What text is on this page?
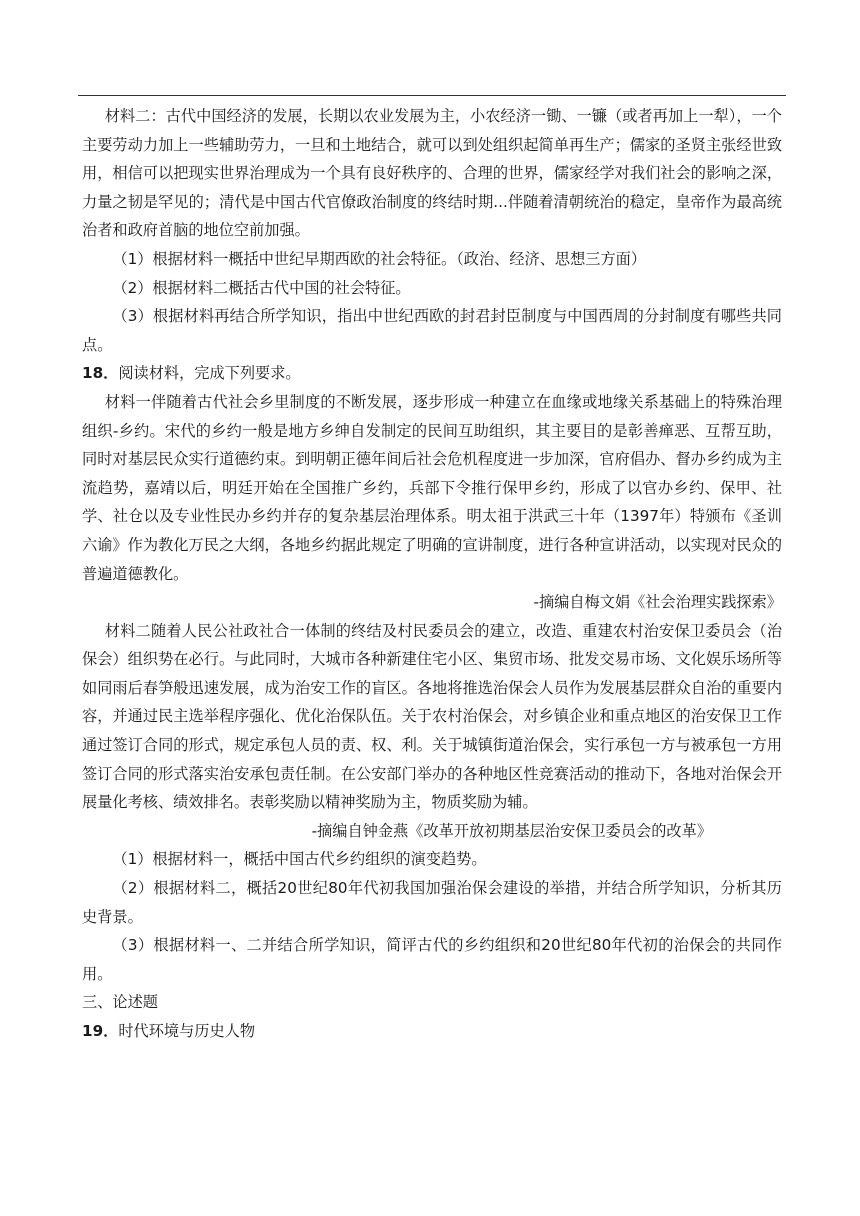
材料二：古代中国经济的发展，长期以农业发展为主，小农经济一锄、一镰（或者再加上一犁），一个主要劳动力加上一些辅助劳力，一旦和土地结合，就可以到处组织起简单再生产；儒家的圣贤主张经世致用，相信可以把现实世界治理成为一个具有良好秩序的、合理的世界，儒家经学对我们社会的影响之深，力量之韧是罕见的；清代是中国古代官僚政治制度的终结时期...伴随着清朝统治的稳定，皇帝作为最高统治者和政府首脑的地位空前加强。

（1）根据材料一概括中世纪早期西欧的社会特征。（政治、经济、思想三方面）

（2）根据材料二概括古代中国的社会特征。

（3）根据材料再结合所学知识，指出中世纪西欧的封君封臣制度与中国西周的分封制度有哪些共同点。

18．阅读材料，完成下列要求。

材料一伴随着古代社会乡里制度的不断发展，逐步形成一种建立在血缘或地缘关系基础上的特殊治理组织-乡约。宋代的乡约一般是地方乡绅自发制定的民间互助组织，其主要目的是彰善瘅恶、互帮互助，同时对基层民众实行道德约束。到明朝正德年间后社会危机程度进一步加深，官府倡办、督办乡约成为主流趋势，嘉靖以后，明廷开始在全国推广乡约，兵部下令推行保甲乡约，形成了以官办乡约、保甲、社学、社仓以及专业性民办乡约并存的复杂基层治理体系。明太祖于洪武三十年（1397年）特颁布《圣训六谕》作为教化万民之大纲，各地乡约据此规定了明确的宣讲制度，进行各种宣讲活动，以实现对民众的普遍道德教化。

-摘编自梅文娟《社会治理实践探索》

材料二随着人民公社政社合一体制的终结及村民委员会的建立，改造、重建农村治安保卫委员会（治保会）组织势在必行。与此同时，大城市各种新建住宅小区、集贸市场、批发交易市场、文化娱乐场所等如同雨后春笋般迅速发展，成为治安工作的盲区。各地将推选治保会人员作为发展基层群众自治的重要内容，并通过民主选举程序强化、优化治保队伍。关于农村治保会，对乡镇企业和重点地区的治安保卫工作通过签订合同的形式，规定承包人员的责、权、利。关于城镇街道治保会，实行承包一方与被承包一方用签订合同的形式落实治安承包责任制。在公安部门举办的各种地区性竞赛活动的推动下，各地对治保会开展量化考核、绩效排名。表彰奖励以精神奖励为主，物质奖励为辅。

-摘编自钟金燕《改革开放初期基层治安保卫委员会的改革》

（1）根据材料一，概括中国古代乡约组织的演变趋势。

（2）根据材料二，概括20世纪80年代初我国加强治保会建设的举措，并结合所学知识，分析其历史背景。

（3）根据材料一、二并结合所学知识，简评古代的乡约组织和20世纪80年代初的治保会的共同作用。

三、论述题

19．时代环境与历史人物
